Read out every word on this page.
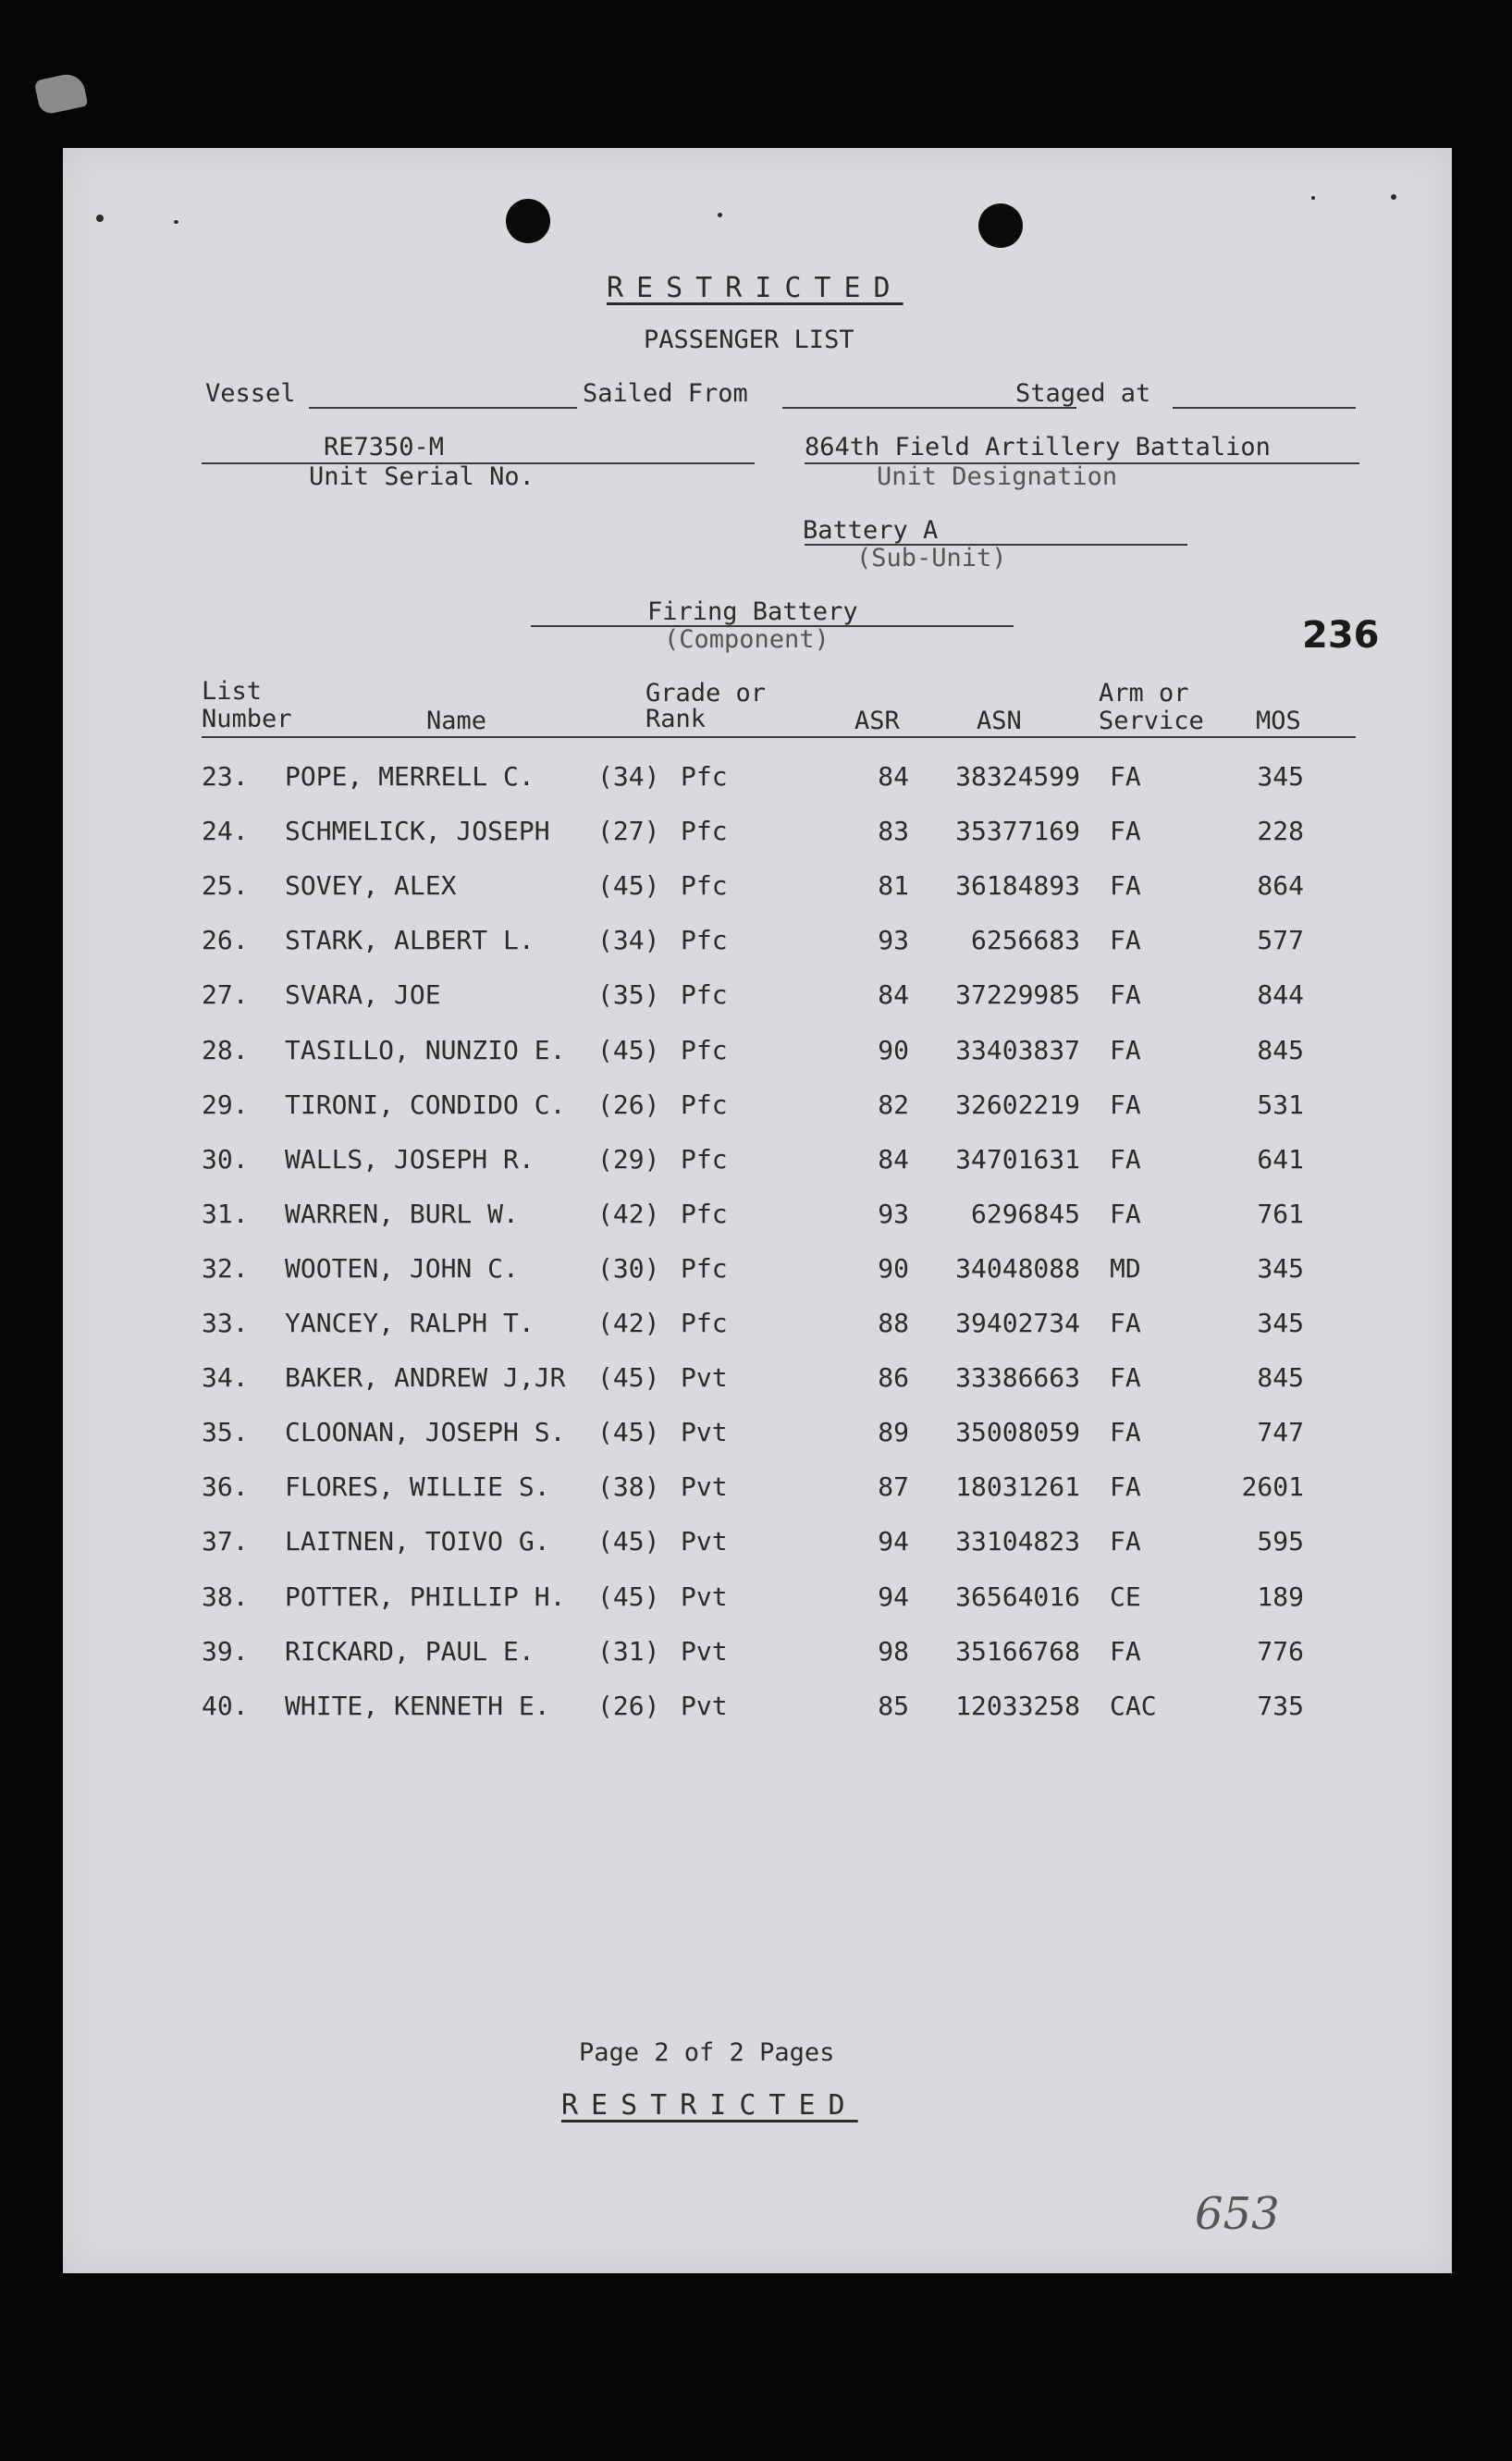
RESTRICTED
PASSENGER LIST
Vessel	Sailed From	Staged at
RE7350-M
Unit Serial No.
864th Field Artillery Battalion
Unit Designation
Battery A
(Sub-Unit)
Firing Battery
(Component)	236
List
Number	Name
Grade or
Rank	ASR	ASN
Arm or
Service MOS
23. POPE, MERRELL C. (34) Pfc	84	38324599 FA	345
24. SCHMELICK, JOSEPH (27) Pfc	83	35377169 FA	228
25. SOVEY, ALEX	(45) Pfc	81	36184893 FA	864
26. STARK, ALBERT L. (34) Pfc	93	6256683 FA	577
27. SVARA, JOE	(35) Pfc	84	37229985 FA	844
28. TASILLO, NUNZIO E. (45) Pfc	90	33403837 FA	845
29. TIRONI, CONDIDO C. (26) Pfc	82	32602219 FA	531
30. WALLS, JOSEPH R. (29) Pfc	84	34701631 FA	641
31. WARREN, BURL W.	(42) Pfc	93	6296845 FA	761
32. WOOTEN, JOHN C.	(30) Pfc	90	34048088 MD	345
33. YANCEY, RALPH T. (42) Pfc	88	39402734 FA	345
34. BAKER, ANDREW J,JR (45) Pvt	86	33386663 FA	845
35. CLOONAN, JOSEPH S. (45) Pvt	89	35008059 FA	747
36. FLORES, WILLIE S. (38) Pvt	87	18031261 FA	2601
37. LAITNEN, TOIVO G. (45) Pvt	94	33104823 FA	595
38. POTTER, PHILLIP H. (45) Pvt	94	36564016 CE	189
39. RICKARD, PAUL E. (31) Pvt	98	35166768 FA	776
40. WHITE, KENNETH E. (26) Pvt	85	12033258 CAC	735
Page 2 of 2 Pages
RESTRICTED
653
